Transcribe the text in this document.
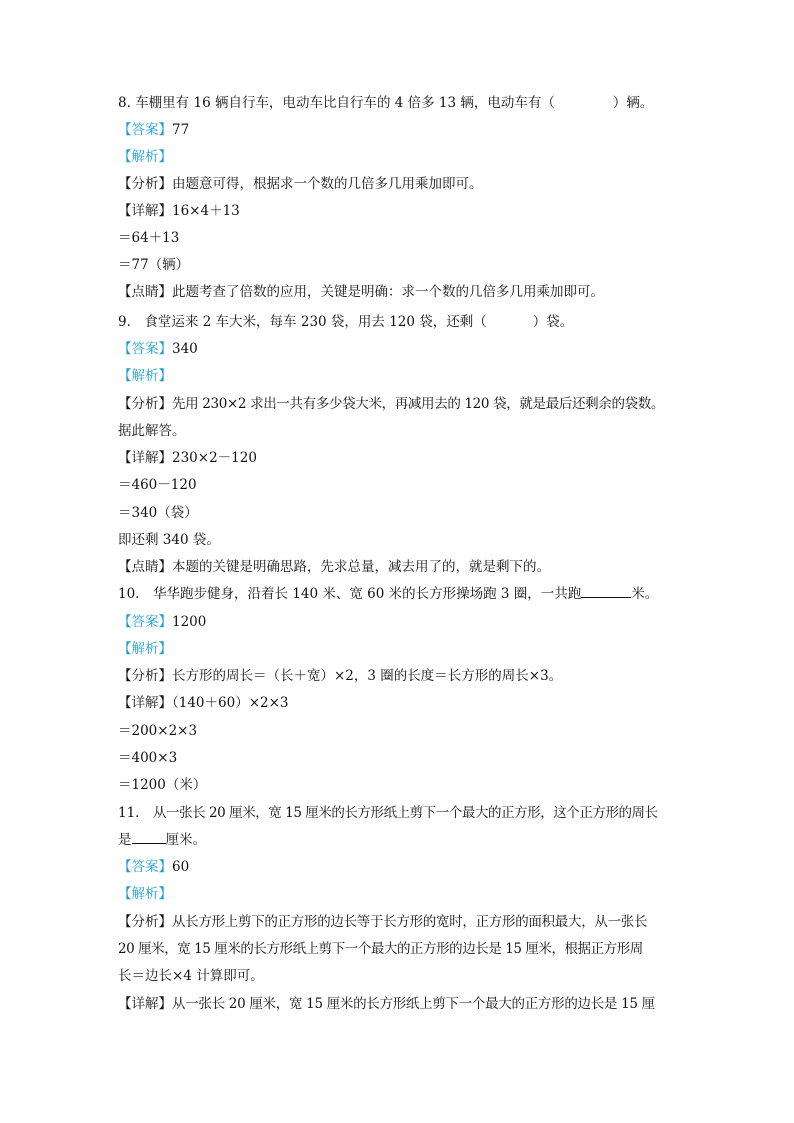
8. 车棚里有 16 辆自行车，电动车比自行车的 4 倍多 13 辆，电动车有（	）辆。
【答案】77
【解析】
【分析】由题意可得，根据求一个数的几倍多几用乘加即可。
【详解】16×4＋13
＝64＋13
＝77（辆）
【点睛】此题考查了倍数的应用，关键是明确：求一个数的几倍多几用乘加即可。
9． 食堂运来 2 车大米，每车 230 袋，用去 120 袋，还剩（	）袋。
【答案】340
【解析】
【分析】先用 230×2 求出一共有多少袋大米，再减用去的 120 袋，就是最后还剩余的袋数。
据此解答。
【详解】230×2－120
＝460－120
＝340（袋）
即还剩 340 袋。
【点睛】本题的关键是明确思路，先求总量，减去用了的，就是剩下的。
10． 华华跑步健身，沿着长 140 米、宽 60 米的长方形操场跑 3 圈，一共跑	米。
【答案】1200
【解析】
【分析】长方形的周长＝（长＋宽）×2，3 圈的长度＝长方形的周长×3。
【详解】（140＋60）×2×3
＝200×2×3
＝400×3
＝1200（米）
11． 从一张长 20 厘米，宽 15 厘米的长方形纸上剪下一个最大的正方形，这个正方形的周长
是	厘米。
【答案】60
【解析】
【分析】从长方形上剪下的正方形的边长等于长方形的宽时，正方形的面积最大，从一张长
20 厘米，宽 15 厘米的长方形纸上剪下一个最大的正方形的边长是 15 厘米，根据正方形周
长＝边长×4 计算即可。
【详解】从一张长 20 厘米，宽 15 厘米的长方形纸上剪下一个最大的正方形的边长是 15 厘
